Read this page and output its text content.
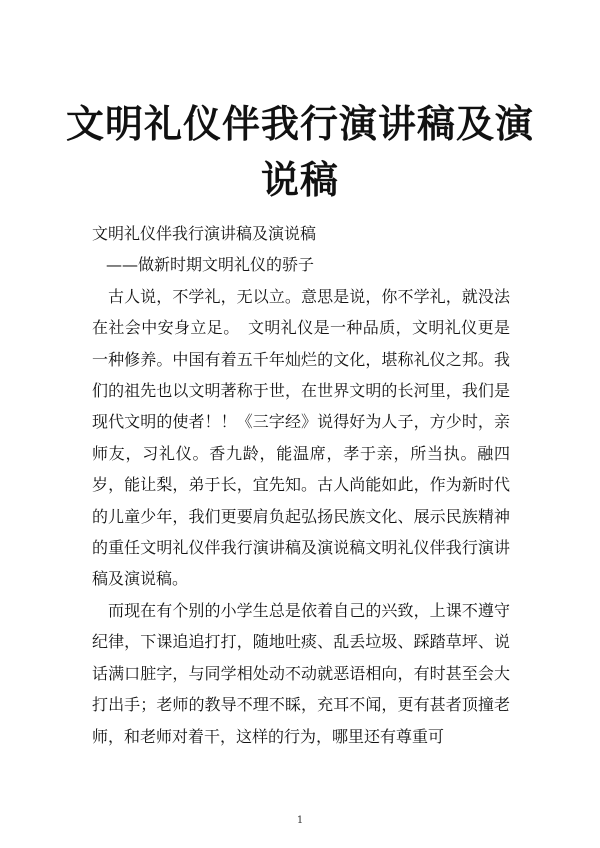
文明礼仪伴我行演讲稿及演说稿

文明礼仪伴我行演讲稿及演说稿

——做新时期文明礼仪的骄子

古人说，不学礼，无以立。意思是说，你不学礼，就没法在社会中安身立足。　文明礼仪是一种品质，文明礼仪更是一种修养。中国有着五千年灿烂的文化，堪称礼仪之邦。我们的祖先也以文明著称于世，在世界文明的长河里，我们是现代文明的使者！！《三字经》说得好为人子，方少时，亲师友，习礼仪。香九龄，能温席，孝于亲，所当执。融四岁，能让梨，弟于长，宜先知。古人尚能如此，作为新时代的儿童少年，我们更要肩负起弘扬民族文化、展示民族精神的重任文明礼仪伴我行演讲稿及演说稿文明礼仪伴我行演讲稿及演说稿。

而现在有个别的小学生总是依着自己的兴致，上课不遵守纪律，下课追追打打，随地吐痰、乱丢垃圾、踩踏草坪、说话满口脏字，与同学相处动不动就恶语相向，有时甚至会大打出手；老师的教导不理不睬，充耳不闻，更有甚者顶撞老师，和老师对着干，这样的行为，哪里还有尊重可

1
